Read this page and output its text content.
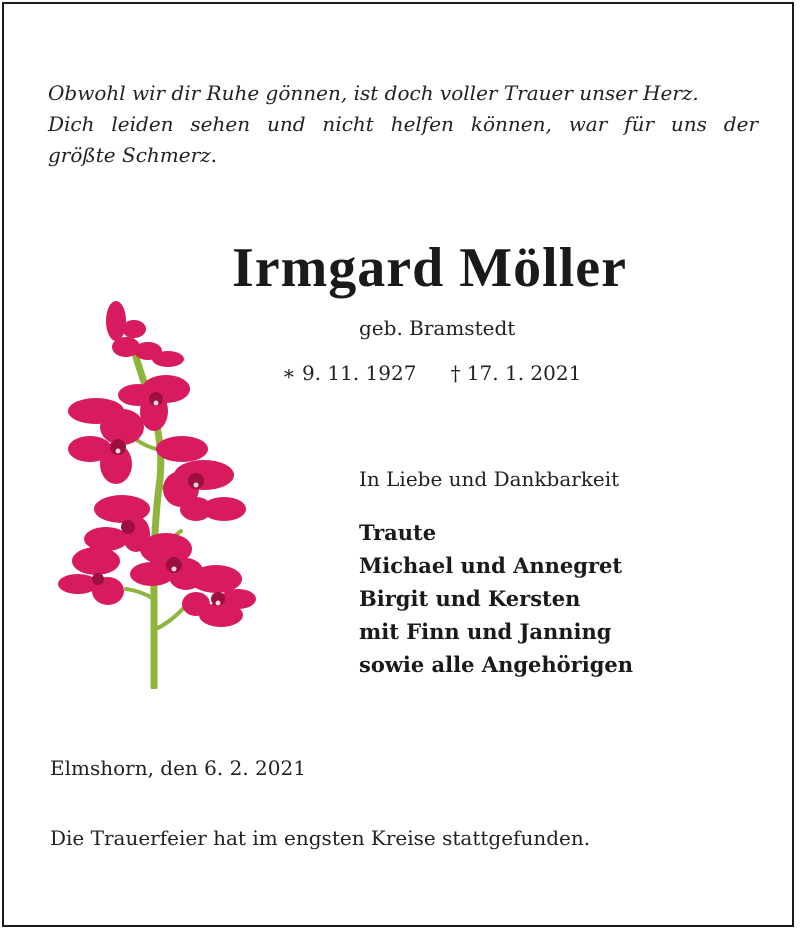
Obwohl wir dir Ruhe gönnen, ist doch voller Trauer unser Herz.
Dich leiden sehen und nicht helfen können, war für uns der
größte Schmerz.
Irmgard Möller
geb. Bramstedt
∗ 9. 11. 1927 † 17. 1. 2021
In Liebe und Dankbarkeit
Traute
Michael und Annegret
Birgit und Kersten
mit Finn und Janning
sowie alle Angehörigen
Elmshorn, den 6. 2. 2021
Die Trauerfeier hat im engsten Kreise stattgefunden.
